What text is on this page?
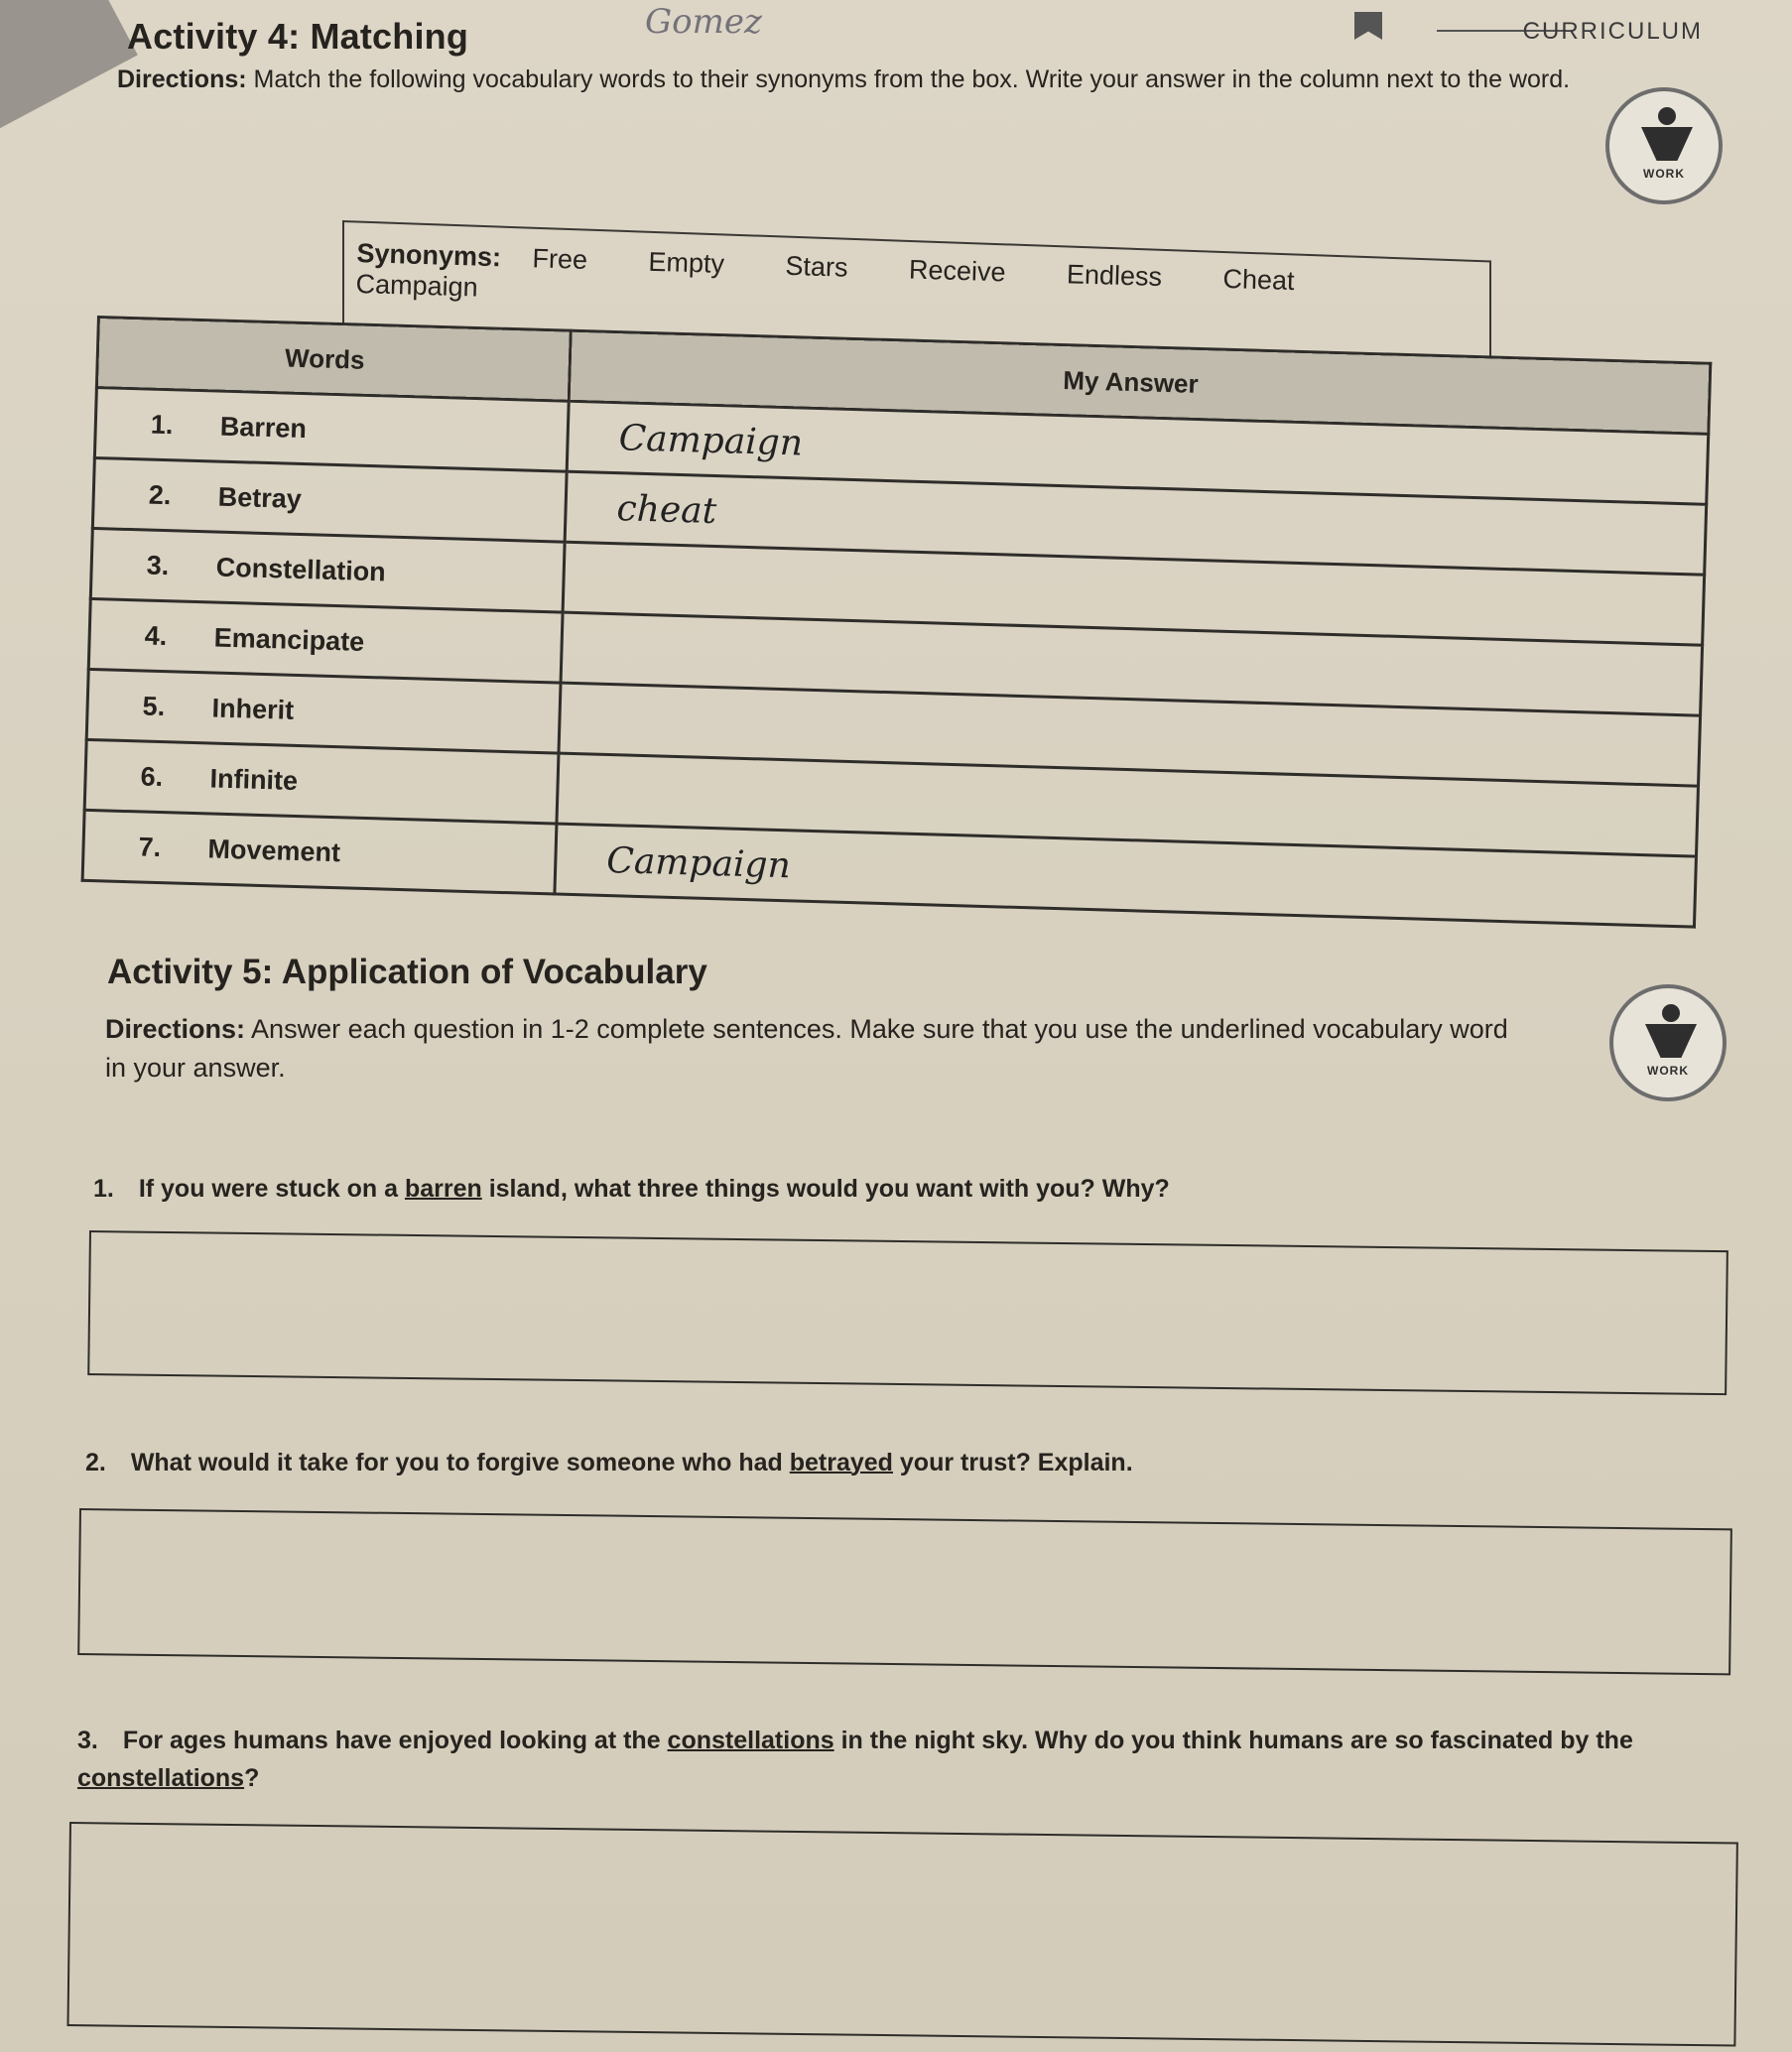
Activity 4: Matching	Gomez	CURRICULUM
Directions: Match the following vocabulary words to their synonyms from the box. Write your answer in the column next to the word.
WORK
Synonyms: Free Empty Stars Receive Endless Cheat Campaign
Words	My Answer

1. Barren	Campaign

2. Betray	cheat

3. Constellation	

4. Emancipate	

5. Inherit	

6. Infinite	

7. Movement	Campaign
Activity 5: Application of Vocabulary
Directions: Answer each question in 1-2 complete sentences. Make sure that you use the underlined vocabulary word in your answer.	WORK
1. If you were stuck on a barren island, what three things would you want with you? Why?
2. What would it take for you to forgive someone who had betrayed your trust? Explain.
3. For ages humans have enjoyed looking at the constellations in the night sky. Why do you think humans are so fascinated by the constellations?
